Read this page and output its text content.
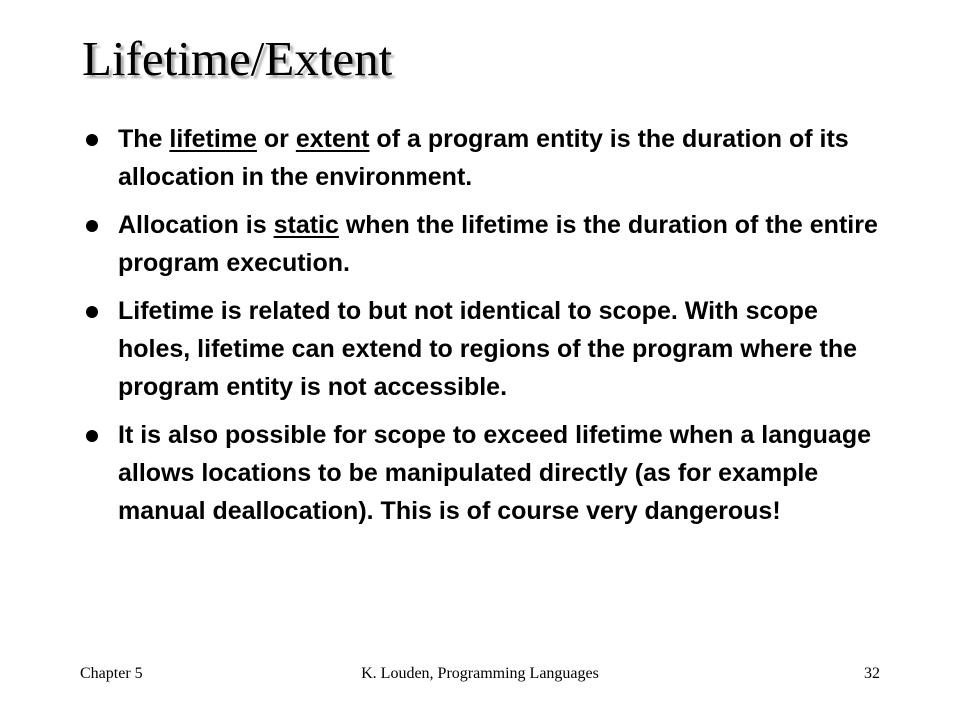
Lifetime/Extent
The lifetime or extent of a program entity is the duration of its allocation in the environment.
Allocation is static when the lifetime is the duration of the entire program execution.
Lifetime is related to but not identical to scope. With scope holes, lifetime can extend to regions of the program where the program entity is not accessible.
It is also possible for scope to exceed lifetime when a language allows locations to be manipulated directly (as for example manual deallocation). This is of course very dangerous!
Chapter 5	K. Louden, Programming Languages	32
